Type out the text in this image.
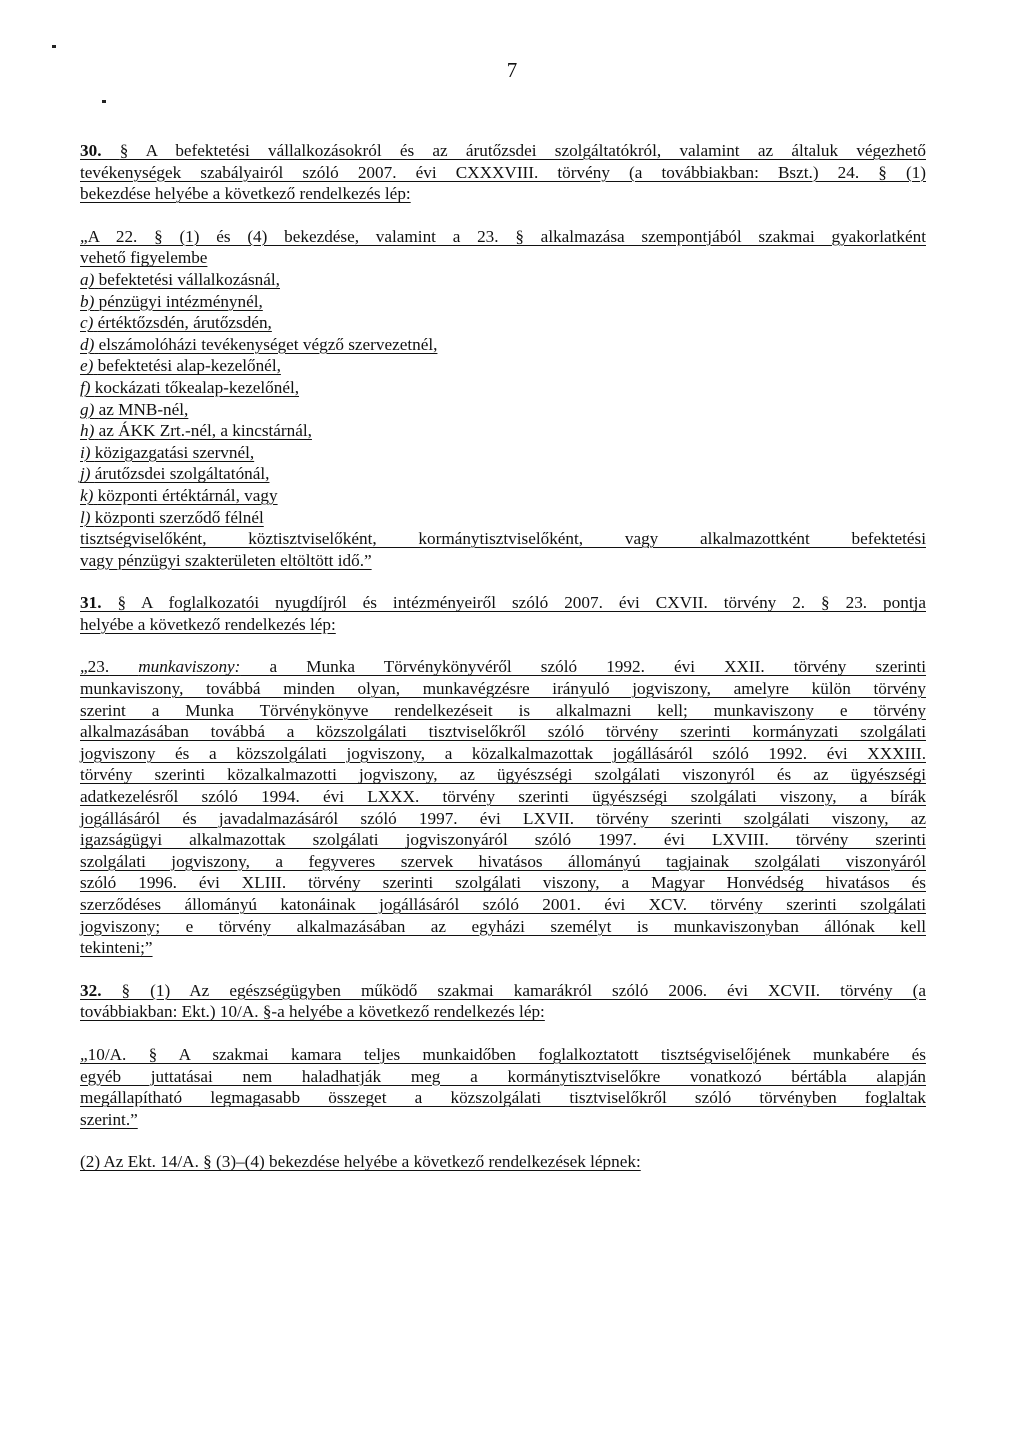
7
30. § A befektetési vállalkozásokról és az árutőzsdei szolgáltatókról, valamint az általuk végezhető
tevékenységek szabályairól szóló 2007. évi CXXXVIII. törvény (a továbbiakban: Bszt.) 24. § (1)
bekezdése helyébe a következő rendelkezés lép:
„A 22. § (1) és (4) bekezdése, valamint a 23. § alkalmazása szempontjából szakmai gyakorlatként
vehető figyelembe
a) befektetési vállalkozásnál,
b) pénzügyi intézménynél,
c) értéktőzsdén, árutőzsdén,
d) elszámolóházi tevékenységet végző szervezetnél,
e) befektetési alap-kezelőnél,
f) kockázati tőkealap-kezelőnél,
g) az MNB-nél,
h) az ÁKK Zrt.-nél, a kincstárnál,
i) közigazgatási szervnél,
j) árutőzsdei szolgáltatónál,
k) központi értéktárnál, vagy
l) központi szerződő félnél
tisztségviselőként, köztisztviselőként, kormánytisztviselőként, vagy alkalmazottként befektetési
vagy pénzügyi szakterületen eltöltött idő.”
31. § A foglalkozatói nyugdíjról és intézményeiről szóló 2007. évi CXVII. törvény 2. § 23. pontja
helyébe a következő rendelkezés lép:
„23. munkaviszony: a Munka Törvénykönyvéről szóló 1992. évi XXII. törvény szerinti
munkaviszony, továbbá minden olyan, munkavégzésre irányuló jogviszony, amelyre külön törvény
szerint a Munka Törvénykönyve rendelkezéseit is alkalmazni kell; munkaviszony e törvény
alkalmazásában továbbá a közszolgálati tisztviselőkről szóló törvény szerinti kormányzati szolgálati
jogviszony és a közszolgálati jogviszony, a közalkalmazottak jogállásáról szóló 1992. évi XXXIII.
törvény szerinti közalkalmazotti jogviszony, az ügyészségi szolgálati viszonyról és az ügyészségi
adatkezelésről szóló 1994. évi LXXX. törvény szerinti ügyészségi szolgálati viszony, a bírák
jogállásáról és javadalmazásáról szóló 1997. évi LXVII. törvény szerinti szolgálati viszony, az
igazságügyi alkalmazottak szolgálati jogviszonyáról szóló 1997. évi LXVIII. törvény szerinti
szolgálati jogviszony, a fegyveres szervek hivatásos állományú tagjainak szolgálati viszonyáról
szóló 1996. évi XLIII. törvény szerinti szolgálati viszony, a Magyar Honvédség hivatásos és
szerződéses állományú katonáinak jogállásáról szóló 2001. évi XCV. törvény szerinti szolgálati
jogviszony; e törvény alkalmazásában az egyházi személyt is munkaviszonyban állónak kell
tekinteni;”
32. § (1) Az egészségügyben működő szakmai kamarákról szóló 2006. évi XCVII. törvény (a
továbbiakban: Ekt.) 10/A. §-a helyébe a következő rendelkezés lép:
„10/A. § A szakmai kamara teljes munkaidőben foglalkoztatott tisztségviselőjének munkabére és
egyéb juttatásai nem haladhatják meg a kormánytisztviselőkre vonatkozó bértábla alapján
megállapítható legmagasabb összeget a közszolgálati tisztviselőkről szóló törvényben foglaltak
szerint.”
(2) Az Ekt. 14/A. § (3)–(4) bekezdése helyébe a következő rendelkezések lépnek:
